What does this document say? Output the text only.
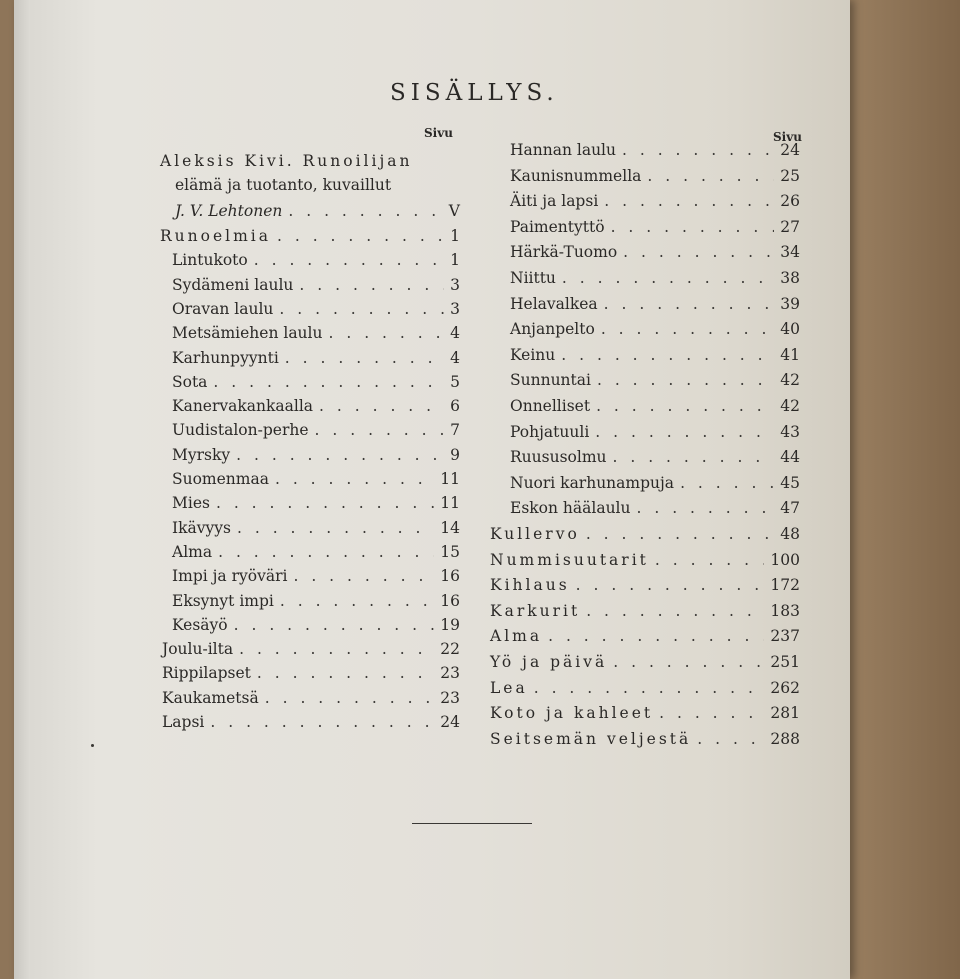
SISÄLLYS.
Sivu	Sivu
Aleksis Kivi. Runoilijan
elämä ja tuotanto, kuvaillut
J. V. Lehtonen . . .	V
Runoelmia . . .	1
Lintukoto . . .	1
Sydämeni laulu . . .	3
Oravan laulu . . .	3
Metsämiehen laulu . . .	4
Karhunpyynti . . .	4
Sota . . .	5
Kanervakankaalla . . .	6
Uudistalon-perhe . . .	7
Myrsky . . .	9
Suomenmaa . . .	11
Mies . . .	11
Ikävyys . . .	14
Alma . . .	15
Impi ja ryöväri . . .	16
Eksynyt impi . . .	16
Kesäyö . . .	19
Joulu-ilta . . .	22
Rippilapset . . .	23
Kaukametsä . . .	23
Lapsi . . .	24
Hannan laulu . . .	24
Kaunisnummella . . .	25
Äiti ja lapsi . . .	26
Paimentyttö . . .	27
Härkä-Tuomo . . .	34
Niittu . . .	38
Helavalkea . . .	39
Anjanpelto . . .	40
Keinu . . .	41
Sunnuntai . . .	42
Onnelliset . . .	42
Pohjatuuli . . .	43
Ruususolmu . . .	44
Nuori karhunampuja . . .	45
Eskon häälaulu . . .	47
Kullervo . . .	48
Nummisuutarit . . .	100
Kihlaus . . .	172
Karkurit . . .	183
Alma . . .	237
Yö ja päivä . . .	251
Lea . . .	262
Koto ja kahleet . . .	281
Seitsemän veljestä . . .	288
